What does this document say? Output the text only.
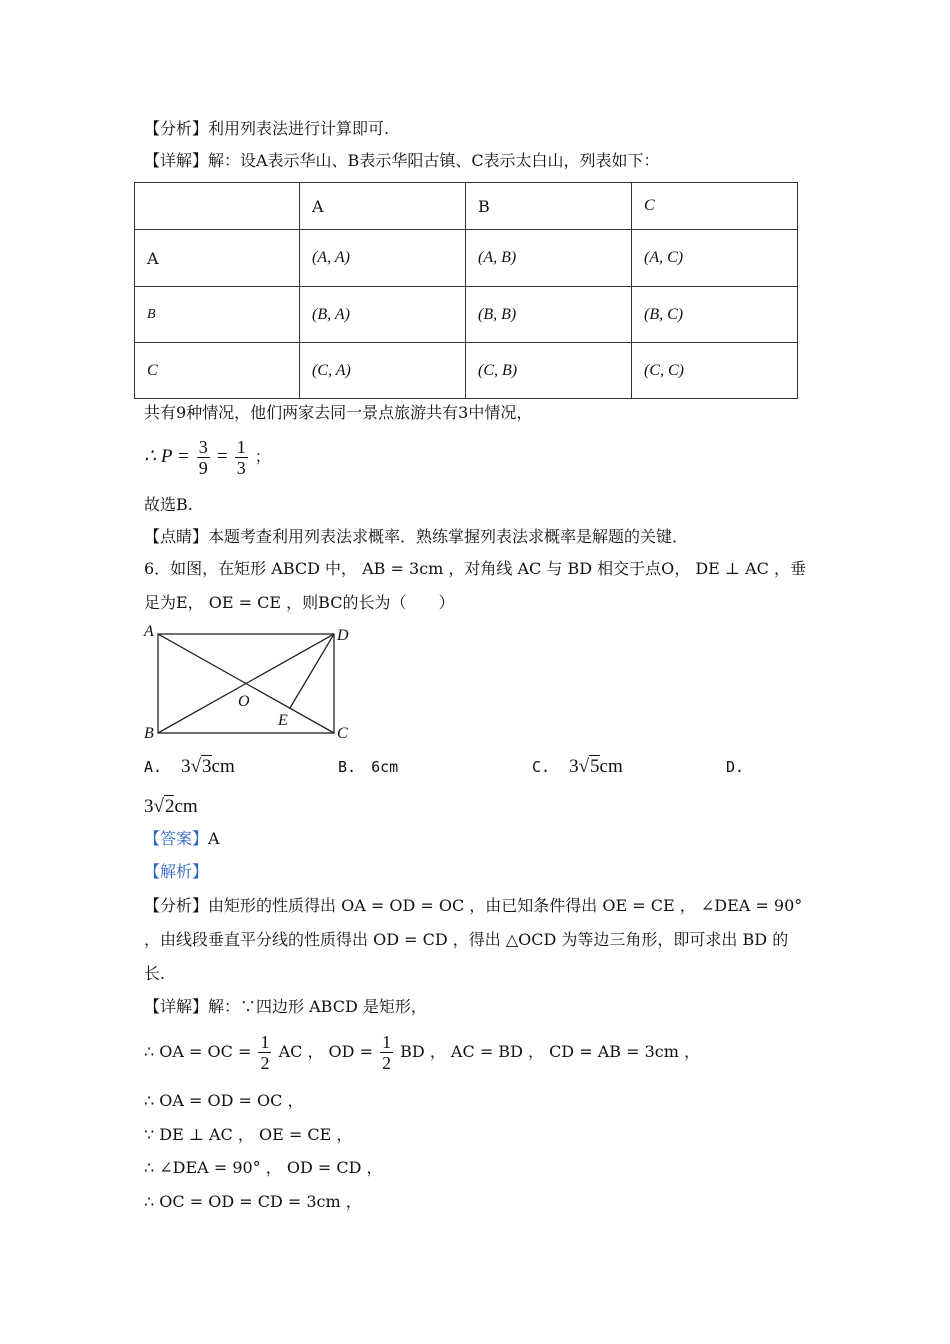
【分析】利用列表法进行计算即可.
【详解】解：设A表示华山、B表示华阳古镇、C表示太白山，列表如下：
	A	B	C
A	(A, A)	(A, B)	(A, C)
B	(B, A)	(B, B)	(B, C)
C	(C, A)	(C, B)	(C, C)
共有9种情况，他们两家去同一景点旅游共有3中情况，
∴ $P = \frac{3}{9} = \frac{1}{3}$ ；
故选B.
【点睛】本题考查利用列表法求概率．熟练掌握列表法求概率是解题的关键．
6．如图，在矩形 ABCD 中， AB = 3cm ，对角线 AC 与 BD 相交于点O， DE ⊥ AC ，垂
足为E， OE = CE ，则BC的长为（　　）
A	D
B	C
O
E
A. 3√3cm	B. 6cm	C. 3√5cm	D.
3√2cm
【答案】A
【解析】
【分析】由矩形的性质得出 OA = OD = OC ，由已知条件得出 OE = CE ， ∠DEA = 90°
，由线段垂直平分线的性质得出 OD = CD ，得出 △OCD 为等边三角形，即可求出 BD 的
长.
【详解】解：∵四边形 ABCD 是矩形，
∴ OA = OC = $\frac{1}{2}$ AC ， OD = $\frac{1}{2}$ BD ， AC = BD ， CD = AB = 3cm ，
∴ OA = OD = OC ，
∵ DE ⊥ AC ， OE = CE ，
∴ ∠DEA = 90° ， OD = CD ，
∴ OC = OD = CD = 3cm ，
